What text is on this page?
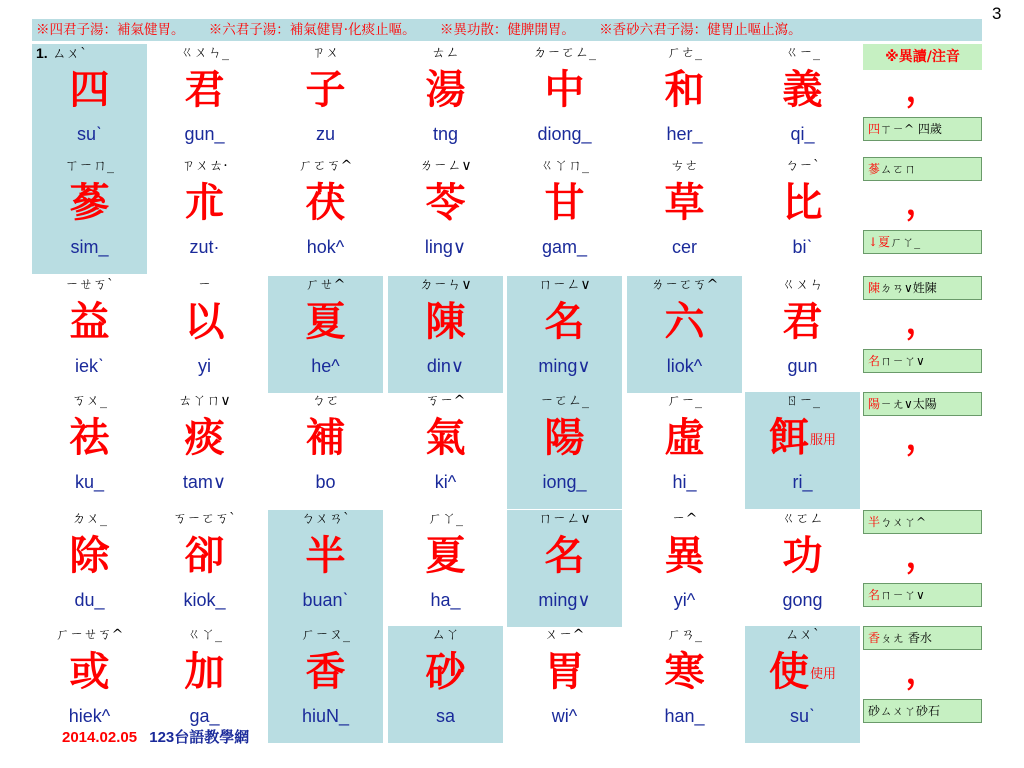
3
※四君子湯：補氣健胃。 ※六君子湯：補氣健胃·化痰止嘔。 ※異功散：健脾開胃。 ※香砂六君子湯：健胃止嘔止瀉。
1. ㄙㄨˋ
四
suˋ
ㄍㄨㄣ_
君
gun_
ㄗㄨ
子
zu
ㄊㄥ
湯
tng
ㄉㄧㄛㄥ_
中
diong_
ㄏㄜ_
和
her_
ㄍㄧ_
義
qi_
※異讀/注音
，
四ㄒㄧ^ 四歲
ㄒㄧㄇ_
蔘
sim_
ㄗㄨㄊ·
朮
zut·
ㄏㄛㄎ^
茯
hok^
ㄌㄧㄥ∨
苓
ling∨
ㄍㄚㄇ_
甘
gam_
ㄘㄜ
草
cer
ㄅㄧˋ
比
biˋ
蔘ㄙㄛㄇ
，
↓夏ㄏㄚ_
ㄧㄝㄎˋ
益
iekˋ
ㄧ
以
yi
ㄏㄝ^
夏
he^
ㄉㄧㄣ∨
陳
din∨
ㄇㄧㄥ∨
名
ming∨
ㄌㄧㄛㄎ^
六
liok^
ㄍㄨㄣ
君
gun
陳ㄉㄢ∨姓陳
，
名ㄇㄧㄚ∨
ㄎㄨ_
祛
ku_
ㄊㄚㄇ∨
痰
tam∨
ㄅㄛ
補
bo
ㄎㄧ^
氣
ki^
ㄧㄛㄥ_
陽
iong_
ㄏㄧ_
虛
hi_
ㄖㄧ_
餌服用
ri_
陽ㄧㄤ∨太陽
，
ㄉㄨ_
除
du_
ㄎㄧㄛㄎˋ
卻
kiok_
ㄅㄨㄢˋ
半
buanˋ
ㄏㄚ_
夏
ha_
ㄇㄧㄥ∨
名
ming∨
ㄧ^
異
yi^
ㄍㄛㄥ
功
gong
半ㄅㄨㄚ^
，
名ㄇㄧㄚ∨
ㄏㄧㄝㄎ^
或
hiek^
ㄍㄚ_
加
ga_
ㄏㄧㄡ_
香
hiuN_
ㄙㄚ
砂
sa
ㄨㄧ^
胃
wi^
ㄏㄢ_
寒
han_
ㄙㄨˋ
使使用
suˋ
香ㄆㄤ 香水
，
砂ㄙㄨㄚ砂石
2014.02.05 123台語教學網
